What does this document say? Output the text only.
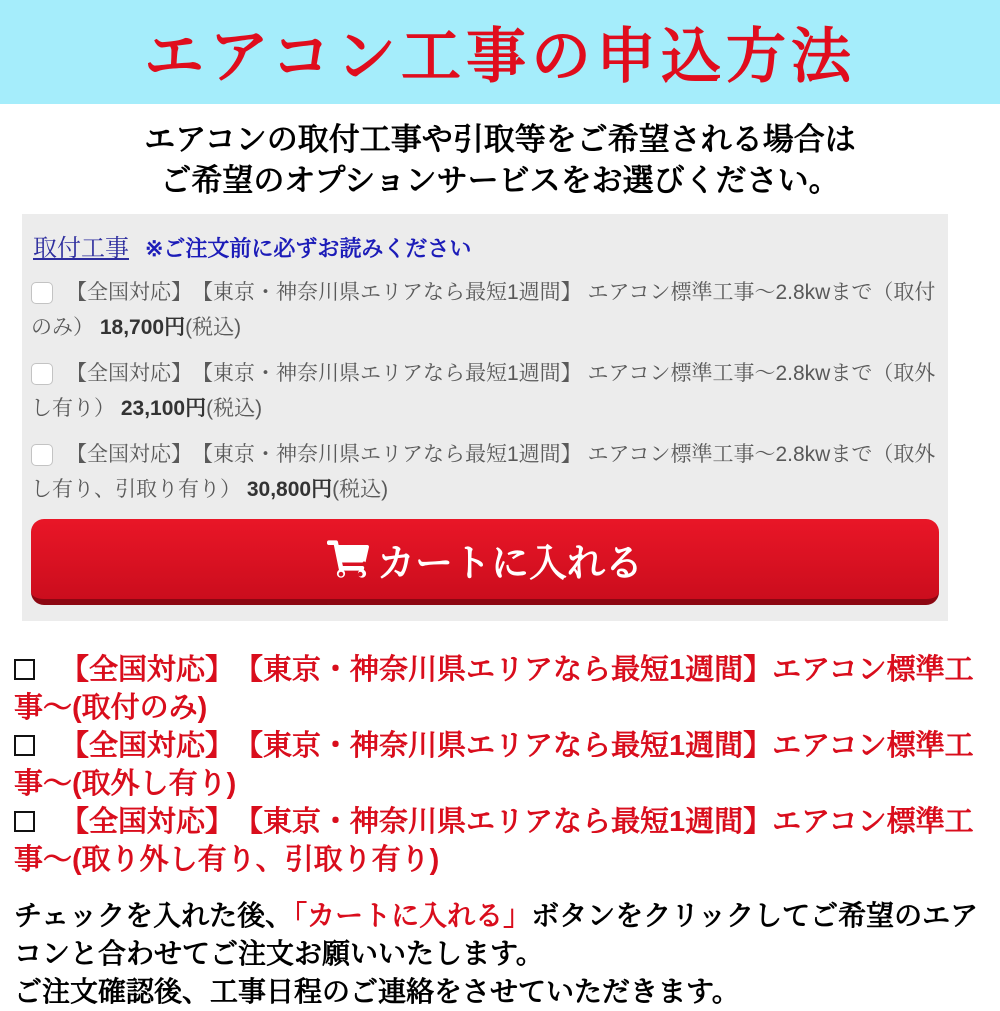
エアコン工事の申込方法
エアコンの取付工事や引取等をご希望される場合は
ご希望のオプションサービスをお選びください。
取付工事 ※ご注文前に必ずお読みください
【全国対応】　【東京・神奈川県エリアなら最短1週間】 エアコン標準工事～2.8kwまで（取付のみ） 18,700円(税込)
【全国対応】　【東京・神奈川県エリアなら最短1週間】 エアコン標準工事～2.8kwまで（取外し有り） 23,100円(税込)
【全国対応】　【東京・神奈川県エリアなら最短1週間】 エアコン標準工事～2.8kwまで（取外し有り、引取り有り） 30,800円(税込)
カートに入れる
【全国対応】　【東京・神奈川県エリアなら最短1週間】エアコン標準工事～(取付のみ)
【全国対応】　【東京・神奈川県エリアなら最短1週間】エアコン標準工事～(取外し有り)
【全国対応】　【東京・神奈川県エリアなら最短1週間】エアコン標準工事～(取り外し有り、引取り有り)
チェックを入れた後、「カートに入れる」ボタンをクリックしてご希望のエアコンと合わせてご注文お願いいたします。
ご注文確認後、工事日程のご連絡をさせていただきます。
